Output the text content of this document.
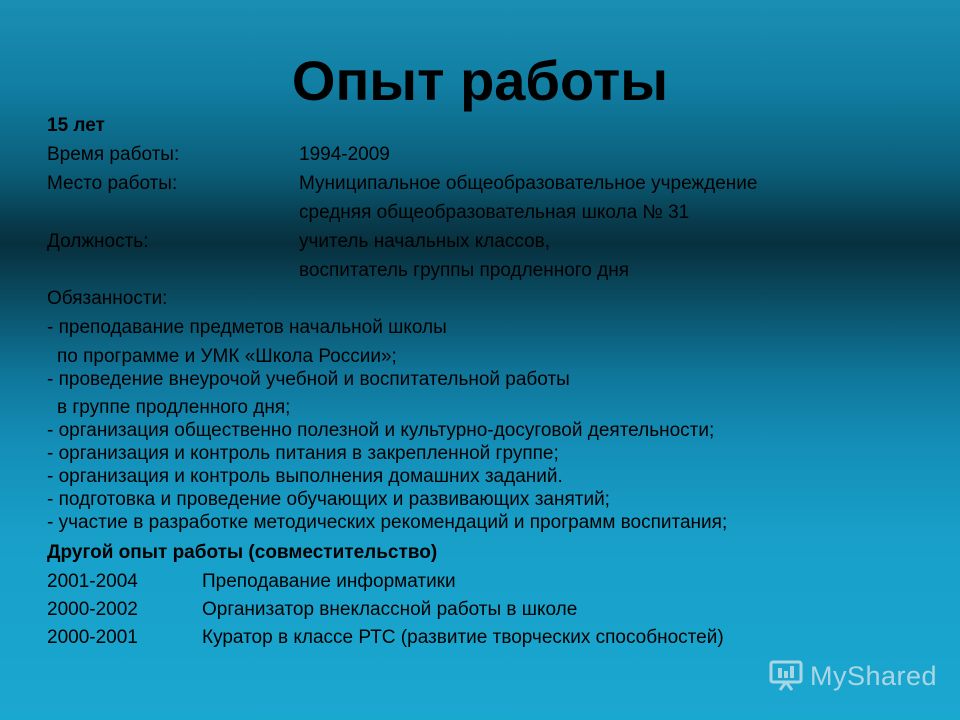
Опыт работы
15 лет
Время работы:	1994-2009
Место работы:	Муниципальное общеобразовательное учреждение
средняя общеобразовательная школа № 31
Должность:	учитель начальных классов,
воспитатель группы продленного дня
Обязанности:
- преподавание предметов начальной школы
по программе и УМК «Школа России»;
- проведение внеурочой учебной и воспитательной работы
в группе продленного дня;
- организация общественно полезной и культурно-досуговой деятельности;
- организация и контроль питания в закрепленной группе;
- организация и контроль выполнения домашних заданий.
- подготовка и проведение обучающих и развивающих занятий;
- участие в разработке методических рекомендаций и программ воспитания;
Другой опыт работы (совместительство)
2001-2004	Преподавание информатики
2000-2002	Организатор внеклассной работы в школе
2000-2001	Куратор в классе РТС (развитие творческих способностей)
MyShared
